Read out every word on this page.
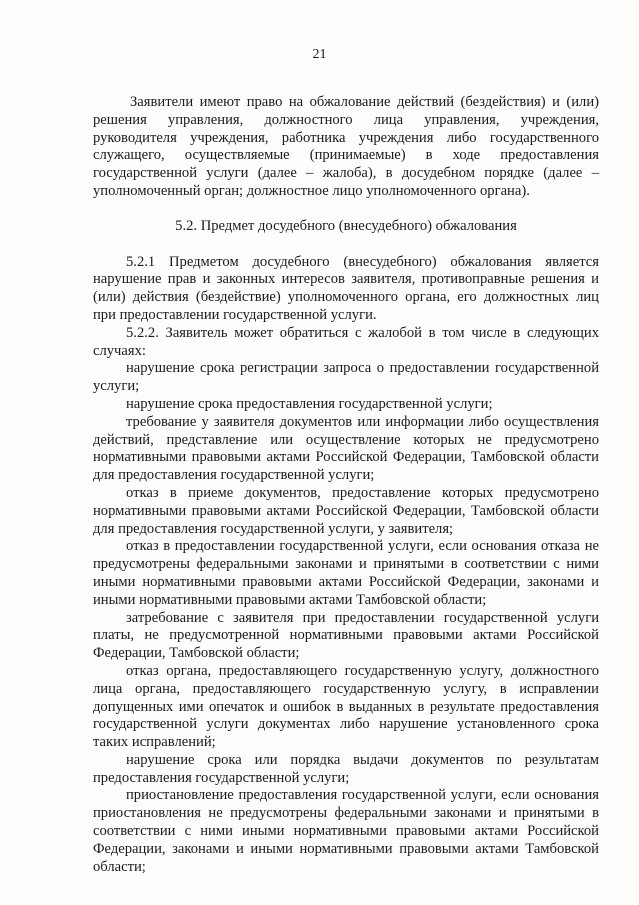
21

Заявители имеют право на обжалование действий (бездействия) и (или) решения управления, должностного лица управления, учреждения, руководителя учреждения, работника учреждения либо государственного служащего, осуществляемые (принимаемые) в ходе предоставления государственной услуги (далее – жалоба), в досудебном порядке (далее – уполномоченный орган; должностное лицо уполномоченного органа).

5.2. Предмет досудебного (внесудебного) обжалования

5.2.1 Предметом досудебного (внесудебного) обжалования является нарушение прав и законных интересов заявителя, противоправные решения и (или) действия (бездействие) уполномоченного органа, его должностных лиц при предоставлении государственной услуги.

5.2.2. Заявитель может обратиться с жалобой в том числе в следующих случаях:

нарушение срока регистрации запроса о предоставлении государственной услуги;

нарушение срока предоставления государственной услуги;

требование у заявителя документов или информации либо осуществления действий, представление или осуществление которых не предусмотрено нормативными правовыми актами Российской Федерации, Тамбовской области для предоставления государственной услуги;

отказ в приеме документов, предоставление которых предусмотрено нормативными правовыми актами Российской Федерации, Тамбовской области для предоставления государственной услуги, у заявителя;

отказ в предоставлении государственной услуги, если основания отказа не предусмотрены федеральными законами и принятыми в соответствии с ними иными нормативными правовыми актами Российской Федерации, законами и иными нормативными правовыми актами Тамбовской области;

затребование с заявителя при предоставлении государственной услуги платы, не предусмотренной нормативными правовыми актами Российской Федерации, Тамбовской области;

отказ органа, предоставляющего государственную услугу, должностного лица органа, предоставляющего государственную услугу, в исправлении допущенных ими опечаток и ошибок в выданных в результате предоставления государственной услуги документах либо нарушение установленного срока таких исправлений;

нарушение срока или порядка выдачи документов по результатам предоставления государственной услуги;

приостановление предоставления государственной услуги, если основания приостановления не предусмотрены федеральными законами и принятыми в соответствии с ними иными нормативными правовыми актами Российской Федерации, законами и иными нормативными правовыми актами Тамбовской области;
